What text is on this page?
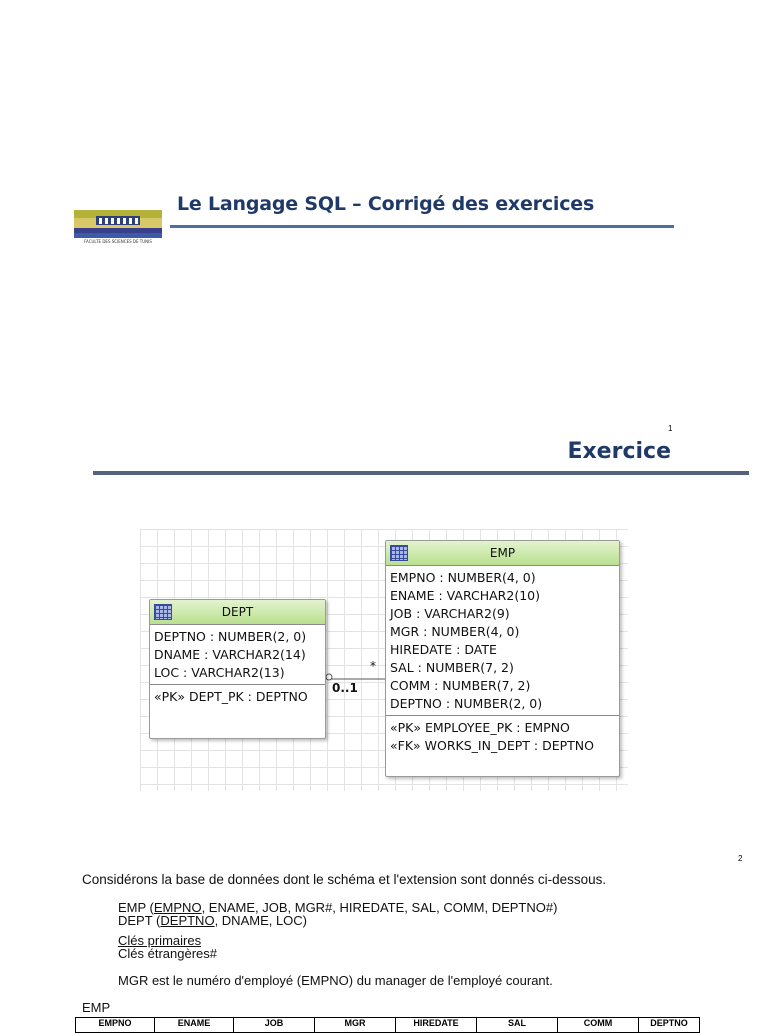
FACULTE DES SCIENCES DE TUNIS
Le Langage SQL – Corrigé des exercices
1
Exercice
0..1
*
DEPT
DEPTNO : NUMBER(2, 0)
DNAME : VARCHAR2(14)
LOC : VARCHAR2(13)
«PK» DEPT_PK : DEPTNO
EMP
EMPNO : NUMBER(4, 0)
ENAME : VARCHAR2(10)
JOB : VARCHAR2(9)
MGR : NUMBER(4, 0)
HIREDATE : DATE
SAL : NUMBER(7, 2)
COMM : NUMBER(7, 2)
DEPTNO : NUMBER(2, 0)
«PK» EMPLOYEE_PK : EMPNO
«FK» WORKS_IN_DEPT : DEPTNO
2
Considérons la base de données dont le schéma et l'extension sont donnés ci-dessous.
EMP (EMPNO, ENAME, JOB, MGR#, HIREDATE, SAL, COMM, DEPTNO#)
DEPT (DEPTNO, DNAME, LOC)
Clés primaires
Clés étrangères#
MGR est le numéro d'employé (EMPNO) du manager de l'employé courant.
EMP
EMPNO	ENAME	JOB	MGR	HIREDATE	SAL	COMM	DEPTNO
